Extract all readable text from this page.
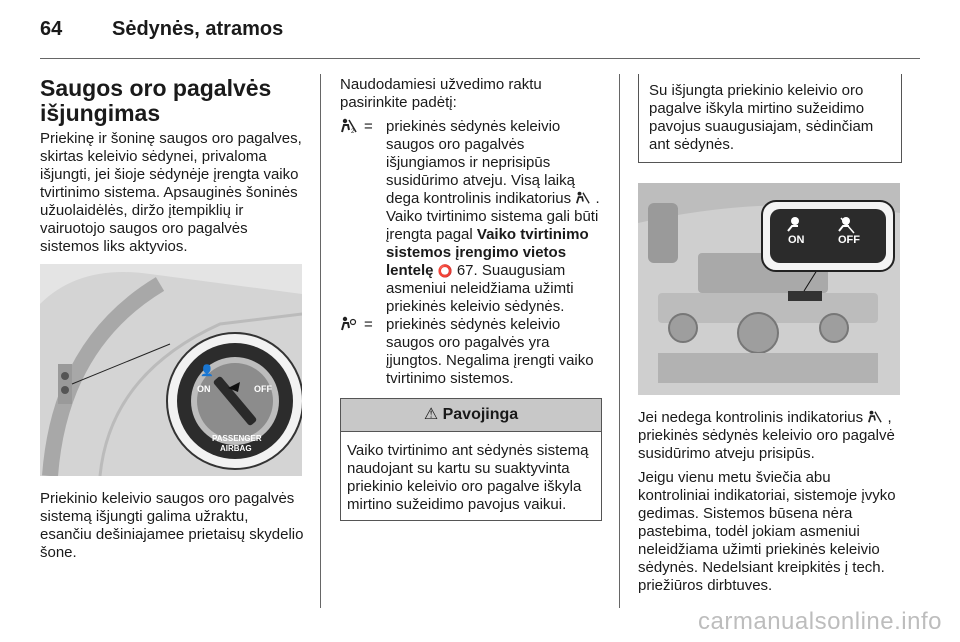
64 Sėdynės, atramos
Saugos oro pagalvės išjungimas

Priekinę ir šoninę saugos oro pagalves, skirtas keleivio sėdynei, privaloma išjungti, jei šioje sėdynėje įrengta vaiko tvirtinimo sistema. Apsauginės šoninės užuolaidėlės, diržo įtempiklių ir vairuotojo saugos oro pagalvės sistemos liks aktyvios.

👤
ON	OFF
PASSENGER
AIRBAG

Priekinio keleivio saugos oro pagalvės sistemą išjungti galima užraktu, esančiu dešiniajamee prietaisų skydelio šone.

Naudodamiesi užvedimo raktu pasirinkite padėtį:

2 = priekinės sėdynės keleivio saugos oro pagalvės išjungiamos ir neprisipūs susidūrimo atveju. Visą laiką dega kontrolinis indikatorius . Vaiko tvirtinimo sistema gali būti įrengta pagal Vaiko tvirtinimo sistemos įrengimo vietos lentelę ⭕ 67. Suaugusiam asmeniui neleidžiama užimti priekinės keleivio sėdynės.
= priekinės sėdynės keleivio saugos oro pagalvės yra įjungtos. Negalima įrengti vaiko tvirtinimo sistemos.
⚠ Pavojinga
Vaiko tvirtinimo ant sėdynės sistemą naudojant su kartu su suaktyvinta priekinio keleivio oro pagalve iškyla mirtino sužeidimo pavojus vaikui.
Su išjungta priekinio keleivio oro pagalve iškyla mirtino sužeidimo pavojus suaugusiajam, sėdinčiam ant sėdynės.
ON	OFF

Jei nedega kontrolinis indikatorius , priekinės sėdynės keleivio oro pagalvė susidūrimo atveju prisipūs.

Jeigu vienu metu šviečia abu kontroliniai indikatoriai, sistemoje įvyko gedimas. Sistemos būsena nėra pastebima, todėl jokiam asmeniui neleidžiama užimti priekinės keleivio sėdynės. Nedelsiant kreipkitės į tech. priežiūros dirbtuves.

carmanualsonline.info
